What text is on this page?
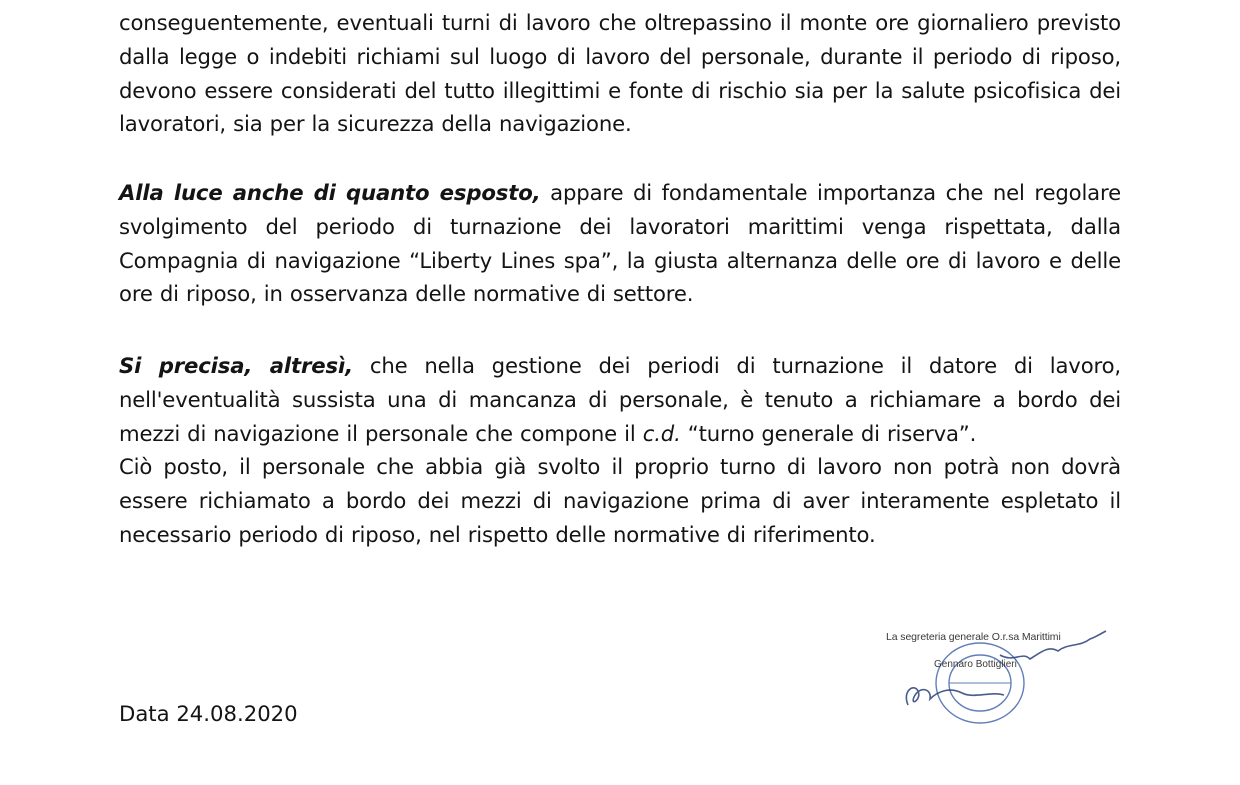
conseguentemente, eventuali turni di lavoro che oltrepassino il monte ore giornaliero previsto dalla legge o indebiti richiami sul luogo di lavoro del personale, durante il periodo di riposo, devono essere considerati del tutto illegittimi e fonte di rischio sia per la salute psicofisica dei lavoratori, sia per la sicurezza della navigazione.

Alla luce anche di quanto esposto, appare di fondamentale importanza che nel regolare svolgimento del periodo di turnazione dei lavoratori marittimi venga rispettata, dalla Compagnia di navigazione “Liberty Lines spa”, la giusta alternanza delle ore di lavoro e delle ore di riposo, in osservanza delle normative di settore.

Si precisa, altresì, che nella gestione dei periodi di turnazione il datore di lavoro, nell'eventualità sussista una di mancanza di personale, è tenuto a richiamare a bordo dei mezzi di navigazione il personale che compone il c.d. “turno generale di riserva”.

Ciò posto, il personale che abbia già svolto il proprio turno di lavoro non potrà non dovrà essere richiamato a bordo dei mezzi di navigazione prima di aver interamente espletato il necessario periodo di riposo, nel rispetto delle normative di riferimento.

Data 24.08.2020
La segreteria generale O.r.sa Marittimi
Gennaro Bottiglieri
